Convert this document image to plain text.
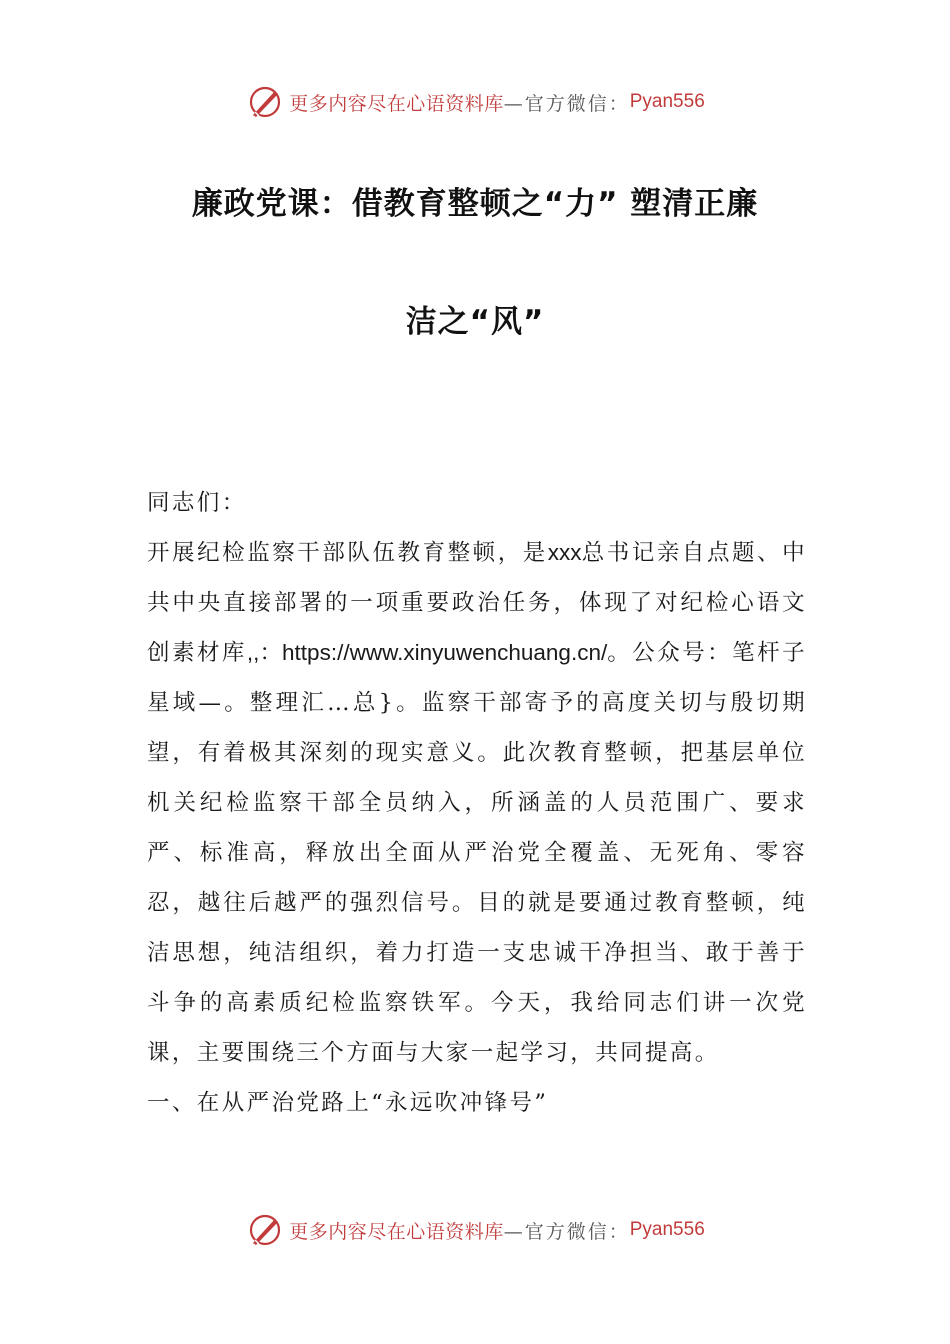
更多内容尽在心语资料库 —官方微信： Pyan556
廉政党课：借教育整顿之“力” 塑清正廉
洁之“风”

同志们：

开展纪检监察干部队伍教育整顿，是xxx总书记亲自点题、中共中央直接部署的一项重要政治任务，体现了对纪检心语文创素材库,,：https://www.xinyuwenchuang.cn/。公众号：笔杆子星域—。整理汇…总}。监察干部寄予的高度关切与殷切期望，有着极其深刻的现实意义。此次教育整顿，把基层单位机关纪检监察干部全员纳入，所涵盖的人员范围广、要求严、标准高，释放出全面从严治党全覆盖、无死角、零容忍，越往后越严的强烈信号。目的就是要通过教育整顿，纯洁思想，纯洁组织，着力打造一支忠诚干净担当、敢于善于斗争的高素质纪检监察铁军。今天，我给同志们讲一次党课，主要围绕三个方面与大家一起学习，共同提高。

一、在从严治党路上“永远吹冲锋号”

更多内容尽在心语资料库 —官方微信： Pyan556
